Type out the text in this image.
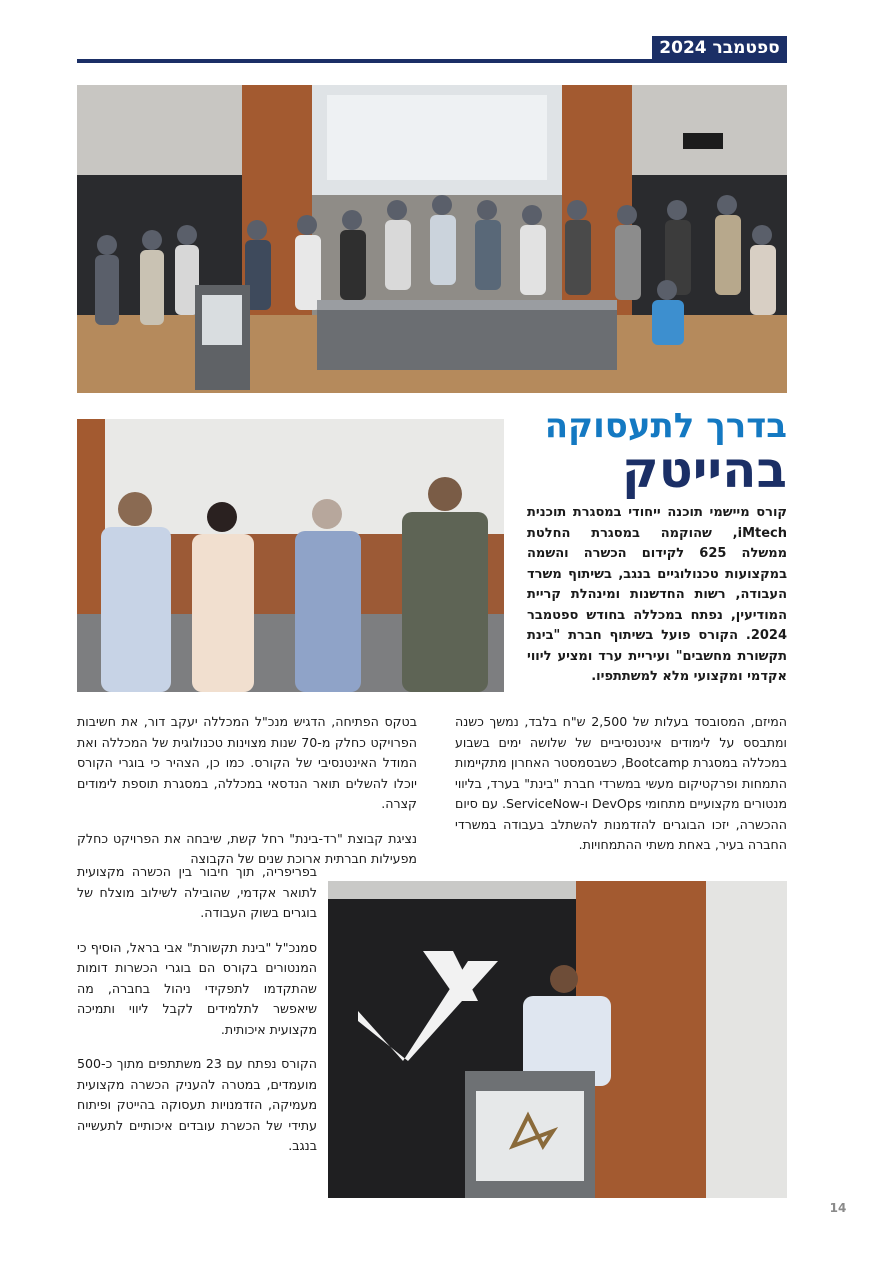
ספטמבר 2024
בדרך לתעסוקה
בהייטק
קורס מיישמי תוכנה ייחודי במסגרת תוכנית iMtech, שהוקמה במסגרת החלטת ממשלה 625 לקידום הכשרה והשמה במקצועות טכנולוגיים בנגב, בשיתוף משרד העבודה, רשות החדשנות ומינהלת קריית המודיעין, נפתח במכללה בחודש ספטמבר 2024. הקורס פועל בשיתוף חברת "בינת תקשורת מחשבים" ועיריית ערד ומציע ליווי אקדמי ומקצועי מלא למשתתפיו.

המיזם, המסובסד בעלות של 2,500 ש"ח בלבד, נמשך כשנה ומתבסס על לימודים אינטנסיביים של שלושה ימים בשבוע במכללה במסגרת Bootcamp, כשבסמסטר האחרון מתקיימות התמחות ופרקטיקום מעשי במשרדי חברת "בינת" בערד, בליווי מנטורים מקצועיים מתחומי DevOps ו-ServiceNow. עם סיום ההכשרה, יזכו הבוגרים להזדמנות להשתלב בעבודה במשרדי החברה בעיר, באחת משתי ההתמחויות.

בטקס הפתיחה, הדגיש מנכ"ל המכללה יעקב דור, את חשיבות הפרויקט כחלק מ-70 שנות מצוינות טכנולוגית של המכללה ואת המודל האינטנסיבי של הקורס. כמו כן, הצהיר כי בוגרי הקורס יוכלו להשלים תואר הנדסאי במכללה, במסגרת תוספת לימודים קצרה.

נציגת קבוצת "רד-בינת" רחל קשת, שיבחה את הפרויקט כחלק מפעילות חברתית ארוכת שנים של הקבוצה

בפריפריה, תוך חיבור בין הכשרה מקצועית לתואר אקדמי, שהובילה לשילוב מוצלח של בוגרים בשוק העבודה.

סמנכ"ל "בינת תקשורת" אבי בראל, הוסיף כי המנטורים בקורס הם בוגרי הכשרות דומות שהתקדמו לתפקידי ניהול בחברה, מה שיאפשר לתלמידים לקבל ליווי ותמיכה מקצועית איכותית.

הקורס נפתח עם 23 משתתפים מתוך כ-500 מועמדים, במטרה להעניק הכשרה מקצועית מעמיקה, הזדמנויות תעסוקה בהייטק ופיתוח עתידי של הכשרת עובדים איכותיים לתעשייה בנגב.

14
